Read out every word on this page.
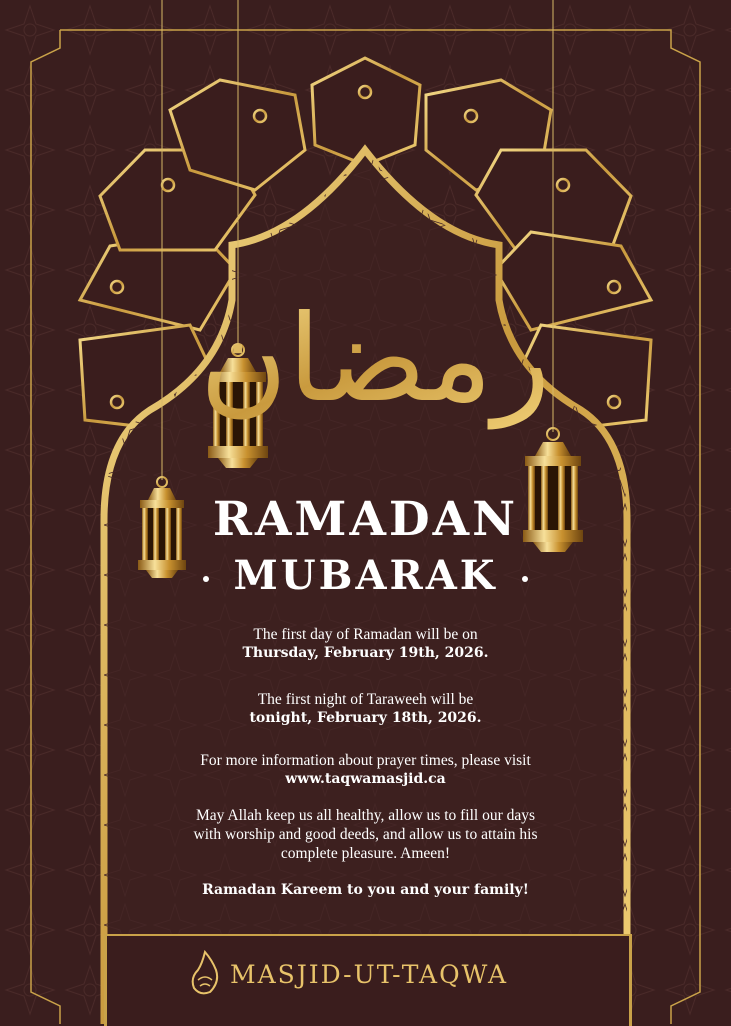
رمضان
RAMADAN
MUBARAK
The first day of Ramadan will be on
Thursday, February 19th, 2026.
The first night of Taraweeh will be
tonight, February 18th, 2026.
For more information about prayer times, please visit
www.taqwamasjid.ca
May Allah keep us all healthy, allow us to fill our days
with worship and good deeds, and allow us to attain his
complete pleasure. Ameen!
Ramadan Kareem to you and your family!
MASJID-UT-TAQWA
